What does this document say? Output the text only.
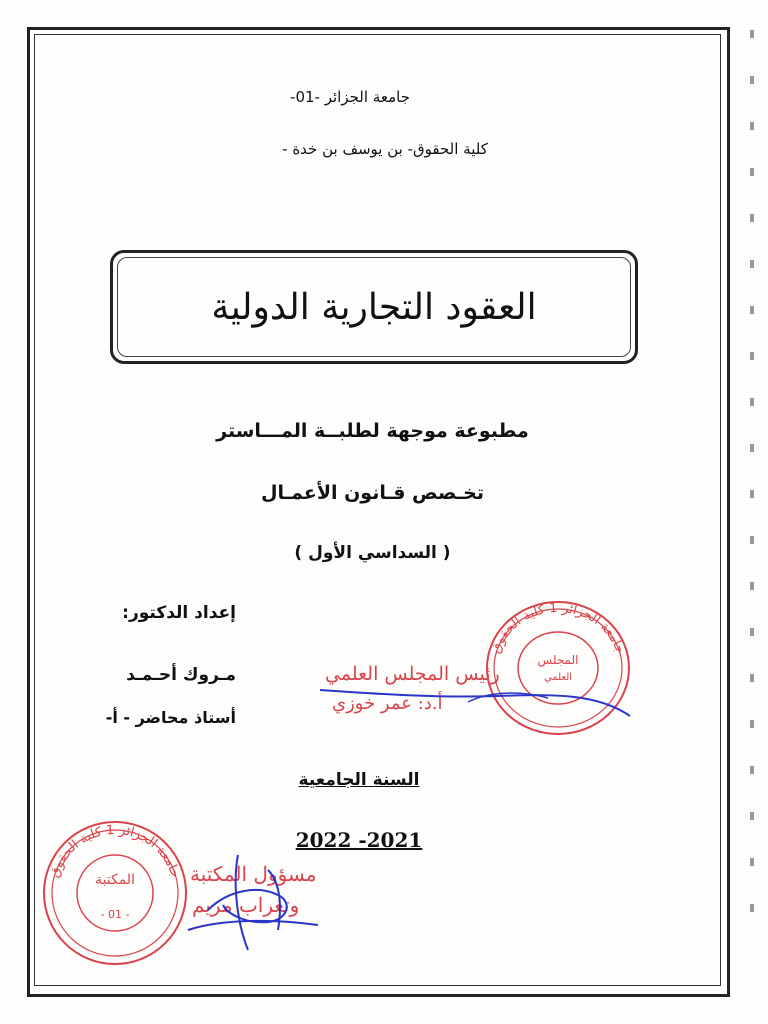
جامعة الجزائر -01-
كلية الحقوق- بن يوسف بن خدة -
العقود التجارية الدولية
مطبوعة موجهة لطلبــة المـــاستر
تخـصص قـانون الأعمـال
( السداسي الأول )
إعداد الدكتور:
مـروك أحـمـد
أستاذ محاضر - أ-
السنة الجامعية
2022 -2021
جامعة الجزائر 1 كلية الحقوق
المجلس
العلمي
رئيس المجلس العلمي
أ.د: عمر خوزي
جامعة الجزائر 1 كلية الحقوق
المكتبة
- 01 -
مسؤول المكتبة
وتغراب مريم
